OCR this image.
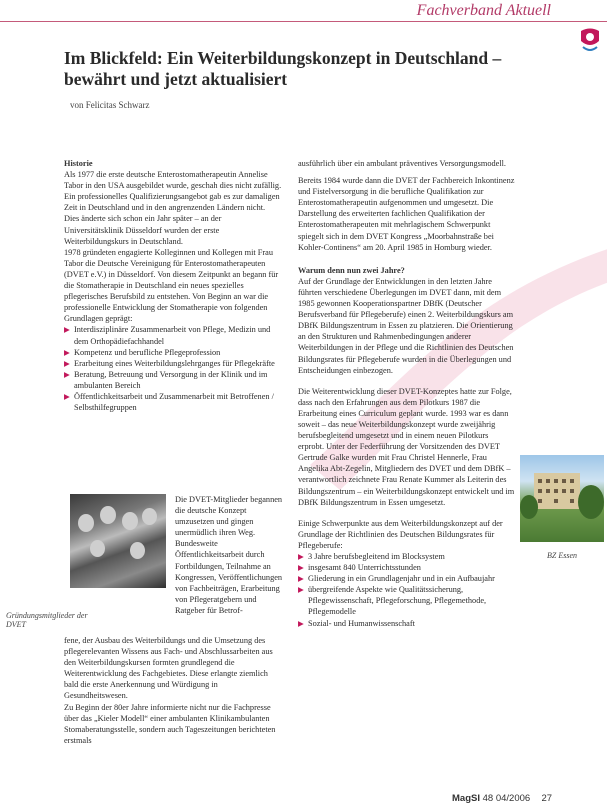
Fachverband Aktuell
Im Blickfeld: Ein Weiterbildungskonzept in Deutschland – bewährt und jetzt aktualisiert
von Felicitas Schwarz

Historie

Als 1977 die erste deutsche Enterostomatherapeutin Annelise Tabor in den USA ausgebildet wurde, geschah dies nicht zufällig. Ein professionelles Qualifizierungsangebot gab es zur damaligen Zeit in Deutschland und in den angrenzenden Ländern nicht. Dies änderte sich schon ein Jahr später – an der Universitätsklinik Düsseldorf wurden der erste Weiterbildungskurs in Deutschland.

1978 gründeten engagierte Kolleginnen und Kollegen mit Frau Tabor die Deutsche Vereinigung für Enterostomatherapeuten (DVET e.V.) in Düsseldorf. Von diesem Zeitpunkt an begann für die Stomatherapie in Deutschland ein neues spezielles pflegerisches Berufsbild zu entstehen. Von Beginn an war die professionelle Entwicklung der Stomatherapie von folgenden Grundlagen geprägt:

▶ Interdisziplinäre Zusammenarbeit von Pflege, Medizin und dem Orthopädiefachhandel
▶ Kompetenz und berufliche Pflegeprofession
▶ Erarbeitung eines Weiterbildungslehrganges für Pflegekräfte
▶ Beratung, Betreuung und Versorgung in der Klinik und im ambulanten Bereich
▶ Öffentlichkeitsarbeit und Zusammenarbeit mit Betroffenen / Selbsthilfegruppen
Gründungsmitglieder der DVET
Die DVET-Mitglieder begannen die deutsche Konzept umzusetzen und gingen unermüdlich ihren Weg. Bundesweite Öffentlichkeitsarbeit durch Fortbildungen, Teilnahme an Kongressen, Veröffentlichungen von Fachbeiträgen, Erarbeitung von Pflegeratgebern und Ratgeber für Betrof-
fene, der Ausbau des Weiterbildungs und die Umsetzung des pflegerelevanten Wissens aus Fach- und Abschlussarbeiten aus den Weiterbildungskursen formten grundlegend die Weiterentwicklung des Fachgebietes. Diese erlangte ziemlich bald die erste Anerkennung und Würdigung in Gesundheitswesen.
Zu Beginn der 80er Jahre informierte nicht nur die Fachpresse über das „Kieler Modell“ einer ambulanten Klinikambulanten Stomaberatungsstelle, sondern auch Tageszeitungen berichteten erstmals

ausführlich über ein ambulant präventives Versorgungsmodell.

Bereits 1984 wurde dann die DVET der Fachbereich Inkontinenz und Fistelversorgung in die berufliche Qualifikation zur Enterostomatherapeutin aufgenommen und umgesetzt. Die Darstellung des erweiterten fachlichen Qualifikation der Enterostomatherapeuten mit mehrlagischem Schwerpunkt spiegelt sich in dem DVET Kongress „Moorbahnstraße bei Kohler-Continens“ am 20. April 1985 in Homburg wieder.

Warum denn nun zwei Jahre?

Auf der Grundlage der Entwicklungen in den letzten Jahre führten verschiedene Überlegungen im DVET dann, mit dem 1985 gewonnen Kooperationspartner DBfK (Deutscher Berufsverband für Pflegeberufe) einen 2. Weiterbildungskurs am DBfK Bildungszentrum in Essen zu platzieren. Die Orientierung an den Strukturen und Rahmenbedingungen anderer Weiterbildungen in der Pflege und die Richtlinien des Deutschen Bildungsrates für Pflegeberufe wurden in die Überlegungen und Entscheidungen einbezogen.

Die Weiterentwicklung dieser DVET-Konzeptes hatte zur Folge, dass nach den Erfahrungen aus dem Pilotkurs 1987 die Erarbeitung eines Curriculum geplant wurde. 1993 war es dann soweit – das neue Weiterbildungskonzept wurde zweijährig berufsbegleitend umgesetzt und in einem neuen Pilotkurs erprobt. Unter der Federführung der Vorsitzenden des DVET Gertrude Galke wurden mit Frau Christel Hennerle, Frau Angelika Abt-Zegelin, Mitgliedern des DVET und dem DBfK – verantwortlich zeichnete Frau Renate Kummer als Leiterin des Bildungszentrum – ein Weiterbildungskonzept entwickelt und im DBfK Bildungszentrum in Essen umgesetzt.

Einige Schwerpunkte aus dem Weiterbildungskonzept auf der Grundlage der Richtlinien des Deutschen Bildungsrates für Pflegeberufe:

▶ 3 Jahre berufsbegleitend im Blocksystem
▶ insgesamt 840 Unterrichtsstunden
▶ Gliederung in ein Grundlagenjahr und in ein Aufbaujahr
▶ übergreifende Aspekte wie Qualitätssicherung, Pflegewissenschaft, Pflegeforschung, Pflegemethode, Pflegemodelle
▶ Sozial- und Humanwissenschaft
BZ Essen
MagSI 48 04/2006 27
